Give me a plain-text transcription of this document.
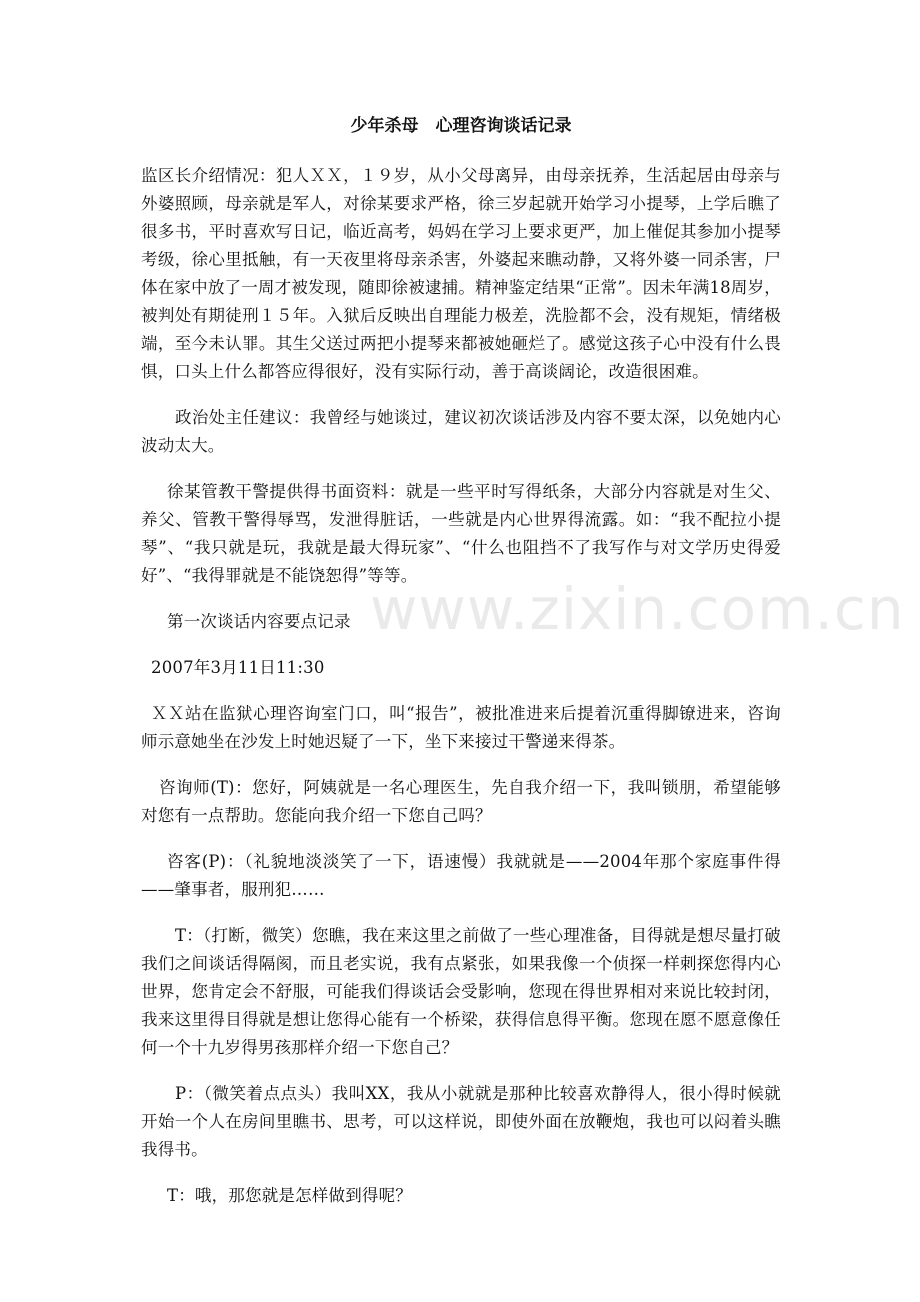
少年杀母　心理咨询谈话记录

监区长介绍情况：犯人ＸＸ，１９岁，从小父母离异，由母亲抚养，生活起居由母亲与外婆照顾，母亲就是军人，对徐某要求严格，徐三岁起就开始学习小提琴，上学后瞧了很多书，平时喜欢写日记，临近高考，妈妈在学习上要求更严，加上催促其参加小提琴考级，徐心里抵触，有一天夜里将母亲杀害，外婆起来瞧动静，又将外婆一同杀害，尸体在家中放了一周才被发现，随即徐被逮捕。精神鉴定结果“正常”。因未年满18周岁，被判处有期徒刑１５年。入狱后反映出自理能力极差，洗脸都不会，没有规矩，情绪极端，至今未认罪。其生父送过两把小提琴来都被她砸烂了。感觉这孩子心中没有什么畏惧，口头上什么都答应得很好，没有实际行动，善于高谈阔论，改造很困难。

政治处主任建议：我曾经与她谈过，建议初次谈话涉及内容不要太深，以免她内心波动太大。

徐某管教干警提供得书面资料：就是一些平时写得纸条，大部分内容就是对生父、养父、管教干警得辱骂，发泄得脏话，一些就是内心世界得流露。如：“我不配拉小提琴”、“我只就是玩，我就是最大得玩家”、“什么也阻挡不了我写作与对文学历史得爱好”、“我得罪就是不能饶恕得”等等。

第一次谈话内容要点记录

2007年3月11日11:30

ＸＸ站在监狱心理咨询室门口，叫“报告”，被批准进来后提着沉重得脚镣进来，咨询师示意她坐在沙发上时她迟疑了一下，坐下来接过干警递来得茶。

咨询师(T)：您好，阿姨就是一名心理医生，先自我介绍一下，我叫锁朋，希望能够对您有一点帮助。您能向我介绍一下您自己吗？

咨客(P)：（礼貌地淡淡笑了一下，语速慢）我就就是——2004年那个家庭事件得——肇事者，服刑犯……

T：（打断，微笑）您瞧，我在来这里之前做了一些心理准备，目得就是想尽量打破我们之间谈话得隔阂，而且老实说，我有点紧张，如果我像一个侦探一样刺探您得内心世界，您肯定会不舒服，可能我们得谈话会受影响，您现在得世界相对来说比较封闭，我来这里得目得就是想让您得心能有一个桥梁，获得信息得平衡。您现在愿不愿意像任何一个十九岁得男孩那样介绍一下您自己？

P：（微笑着点点头）我叫XX，我从小就就是那种比较喜欢静得人，很小得时候就开始一个人在房间里瞧书、思考，可以这样说，即使外面在放鞭炮，我也可以闷着头瞧我得书。

T：哦，那您就是怎样做到得呢？

www.zixin.com.cn
